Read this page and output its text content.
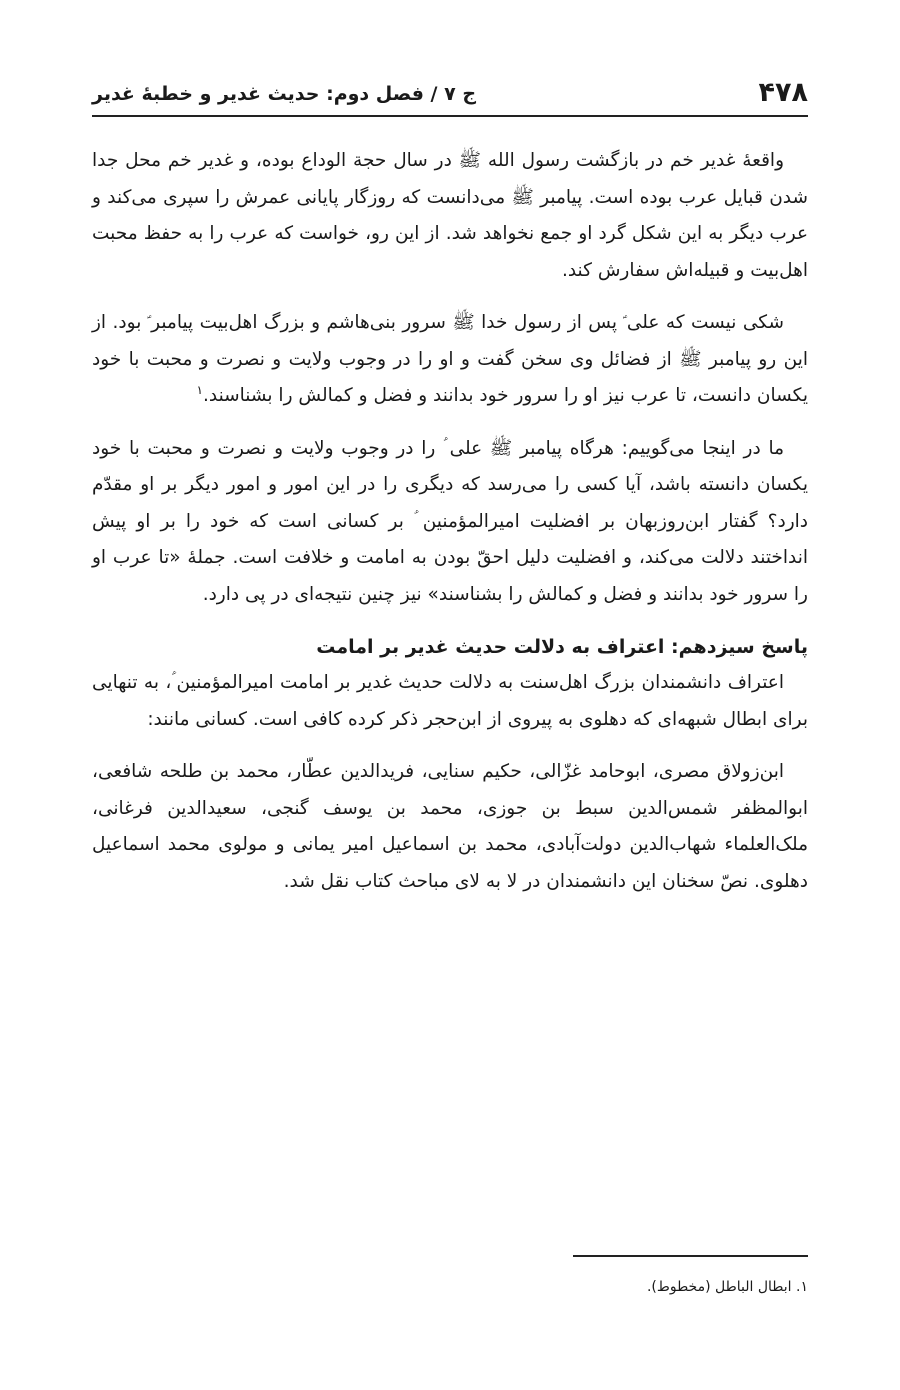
۴۷۸
ج ۷ / فصل دوم: حدیث غدیر و خطبهٔ غدیر

واقعهٔ غدیر خم در بازگشت رسول الله ﷺ در سال حجة الوداع بوده، و غدیر خم محل جدا شدن قبایل عرب بوده است. پیامبر ﷺ می‌دانست که روزگار پایانی عمرش را سپری می‌کند و عرب دیگر به این شکل گرد او جمع نخواهد شد. از این رو، خواست که عرب را به حفظ محبت اهل‌بیت و قبیله‌اش سفارش کند.

شکی نیست که علی ؑ پس از رسول خدا ﷺ سرور بنی‌هاشم و بزرگ اهل‌بیت پیامبر ؑ بود. از این رو پیامبر ﷺ از فضائل وی سخن گفت و او را در وجوب ولایت و نصرت و محبت با خود یکسان دانست، تا عرب نیز او را سرور خود بدانند و فضل و کمالش را بشناسند.$^۱$

ما در اینجا می‌گوییم: هرگاه پیامبر ﷺ علی ؑ را در وجوب ولایت و نصرت و محبت با خود یکسان دانسته باشد، آیا کسی را می‌رسد که دیگری را در این امور و امور دیگر بر او مقدّم دارد؟ گفتار ابن‌روزبهان بر افضلیت امیرالمؤمنین ؑ بر کسانی است که خود را بر او پیش انداختند دلالت می‌کند، و افضلیت دلیل احقّ بودن به امامت و خلافت است. جملهٔ «تا عرب او را سرور خود بدانند و فضل و کمالش را بشناسند» نیز چنین نتیجه‌ای در پی دارد.

پاسخ سیزدهم: اعتراف به دلالت حدیث غدیر بر امامت

اعتراف دانشمندان بزرگ اهل‌سنت به دلالت حدیث غدیر بر امامت امیرالمؤمنین ؑ، به تنهایی برای ابطال شبهه‌ای که دهلوی به پیروی از ابن‌حجر ذکر کرده کافی است. کسانی مانند:

ابن‌زولاق مصری، ابوحامد غزّالی، حکیم سنایی، فریدالدین عطّار، محمد بن طلحه شافعی، ابوالمظفر شمس‌الدین سبط بن جوزی، محمد بن یوسف گنجی، سعیدالدین فرغانی، ملک‌العلماء شهاب‌الدین دولت‌آبادی، محمد بن اسماعیل امیر یمانی و مولوی محمد اسماعیل دهلوی. نصّ سخنان این دانشمندان در لا به لای مباحث کتاب نقل شد.

۱. ابطال الباطل (مخطوط).
